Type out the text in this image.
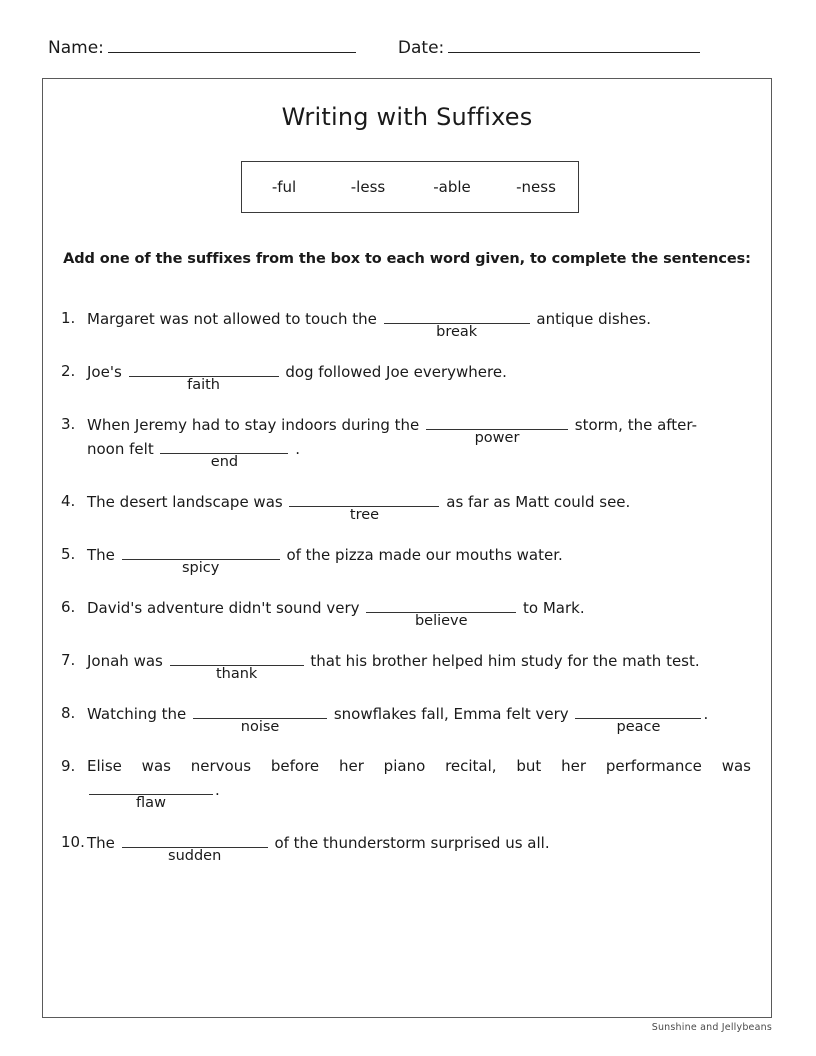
Name:	Date:
Writing with Suffixes
-ful	-less	-able	-ness
Add one of the suffixes from the box to each word given, to complete the sentences:
1. Margaret was not allowed to touch the
break
antique dishes.
2. Joe's
faith
dog followed Joe everywhere.
3. When Jeremy had to stay indoors during the
power
storm, the after-
noon felt
end
.
4. The desert landscape was
tree
as far as Matt could see.
5. The
spicy
of the pizza made our mouths water.
6. David's adventure didn't sound very
believe
to Mark.
7. Jonah was
thank
that his brother helped him study for the math test.
8. Watching the
noise
snowflakes fall, Emma felt very
peace
.
9. Elise was nervous before her piano recital, but her performance was
flaw
.
10. The
sudden
of the thunderstorm surprised us all.
Sunshine and Jellybeans
